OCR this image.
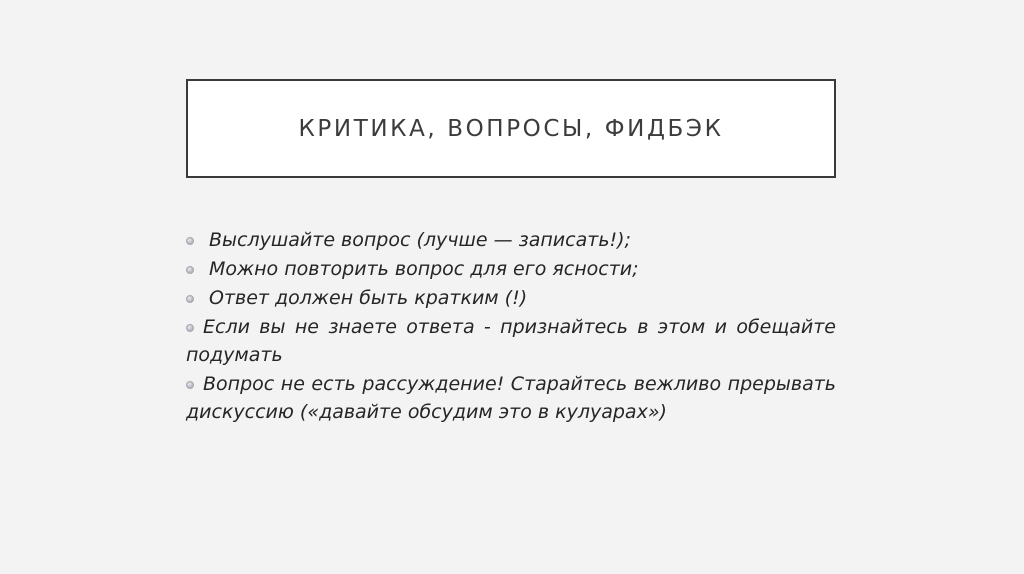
КРИТИКА, ВОПРОСЫ, ФИДБЭК
Выслушайте вопрос (лучше — записать!);
Можно повторить вопрос для его ясности;
Ответ должен быть кратким (!)
Если вы не знаете ответа - признайтесь в этом и обещайте подумать
Вопрос не есть рассуждение! Старайтесь вежливо прерывать дискуссию («давайте обсудим это в кулуарах»)
